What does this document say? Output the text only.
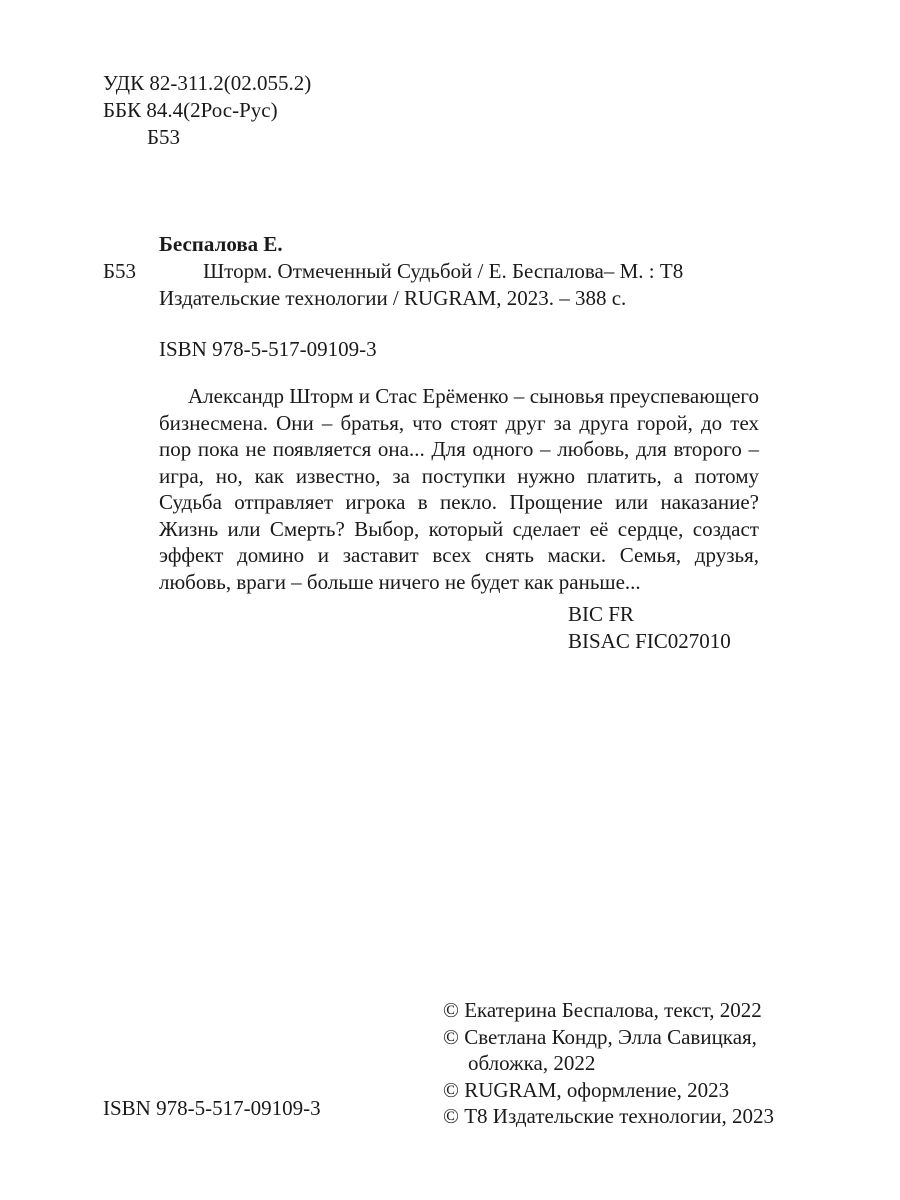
УДК 82-311.2(02.055.2)
ББК 84.4(2Рос-Рус)
Б53
Беспалова Е.
Б53	Шторм. Отмеченный Судьбой / Е. Беспалова– М. : Т8
Издательские технологии / RUGRAM, 2023. – 388 с.
ISBN 978-5-517-09109-3

Александр Шторм и Стас Ерёменко – сыновья преуспевающего бизнесмена. Они – братья, что стоят друг за друга горой, до тех пор пока не появляется она... Для одного – любовь, для второго – игра, но, как известно, за поступки нужно платить, а потому Судьба отправляет игрока в пекло. Прощение или наказание? Жизнь или Смерть? Выбор, который сделает её сердце, создаст эффект домино и заставит всех снять маски. Семья, друзья, любовь, враги – больше ничего не будет как раньше...

BIC FR
BISAC FIC027010
© Екатерина Беспалова, текст, 2022
© Светлана Кондр, Элла Савицкая,
обложка, 2022
© RUGRAM, оформление, 2023
© Т8 Издательские технологии, 2023
ISBN 978-5-517-09109-3
